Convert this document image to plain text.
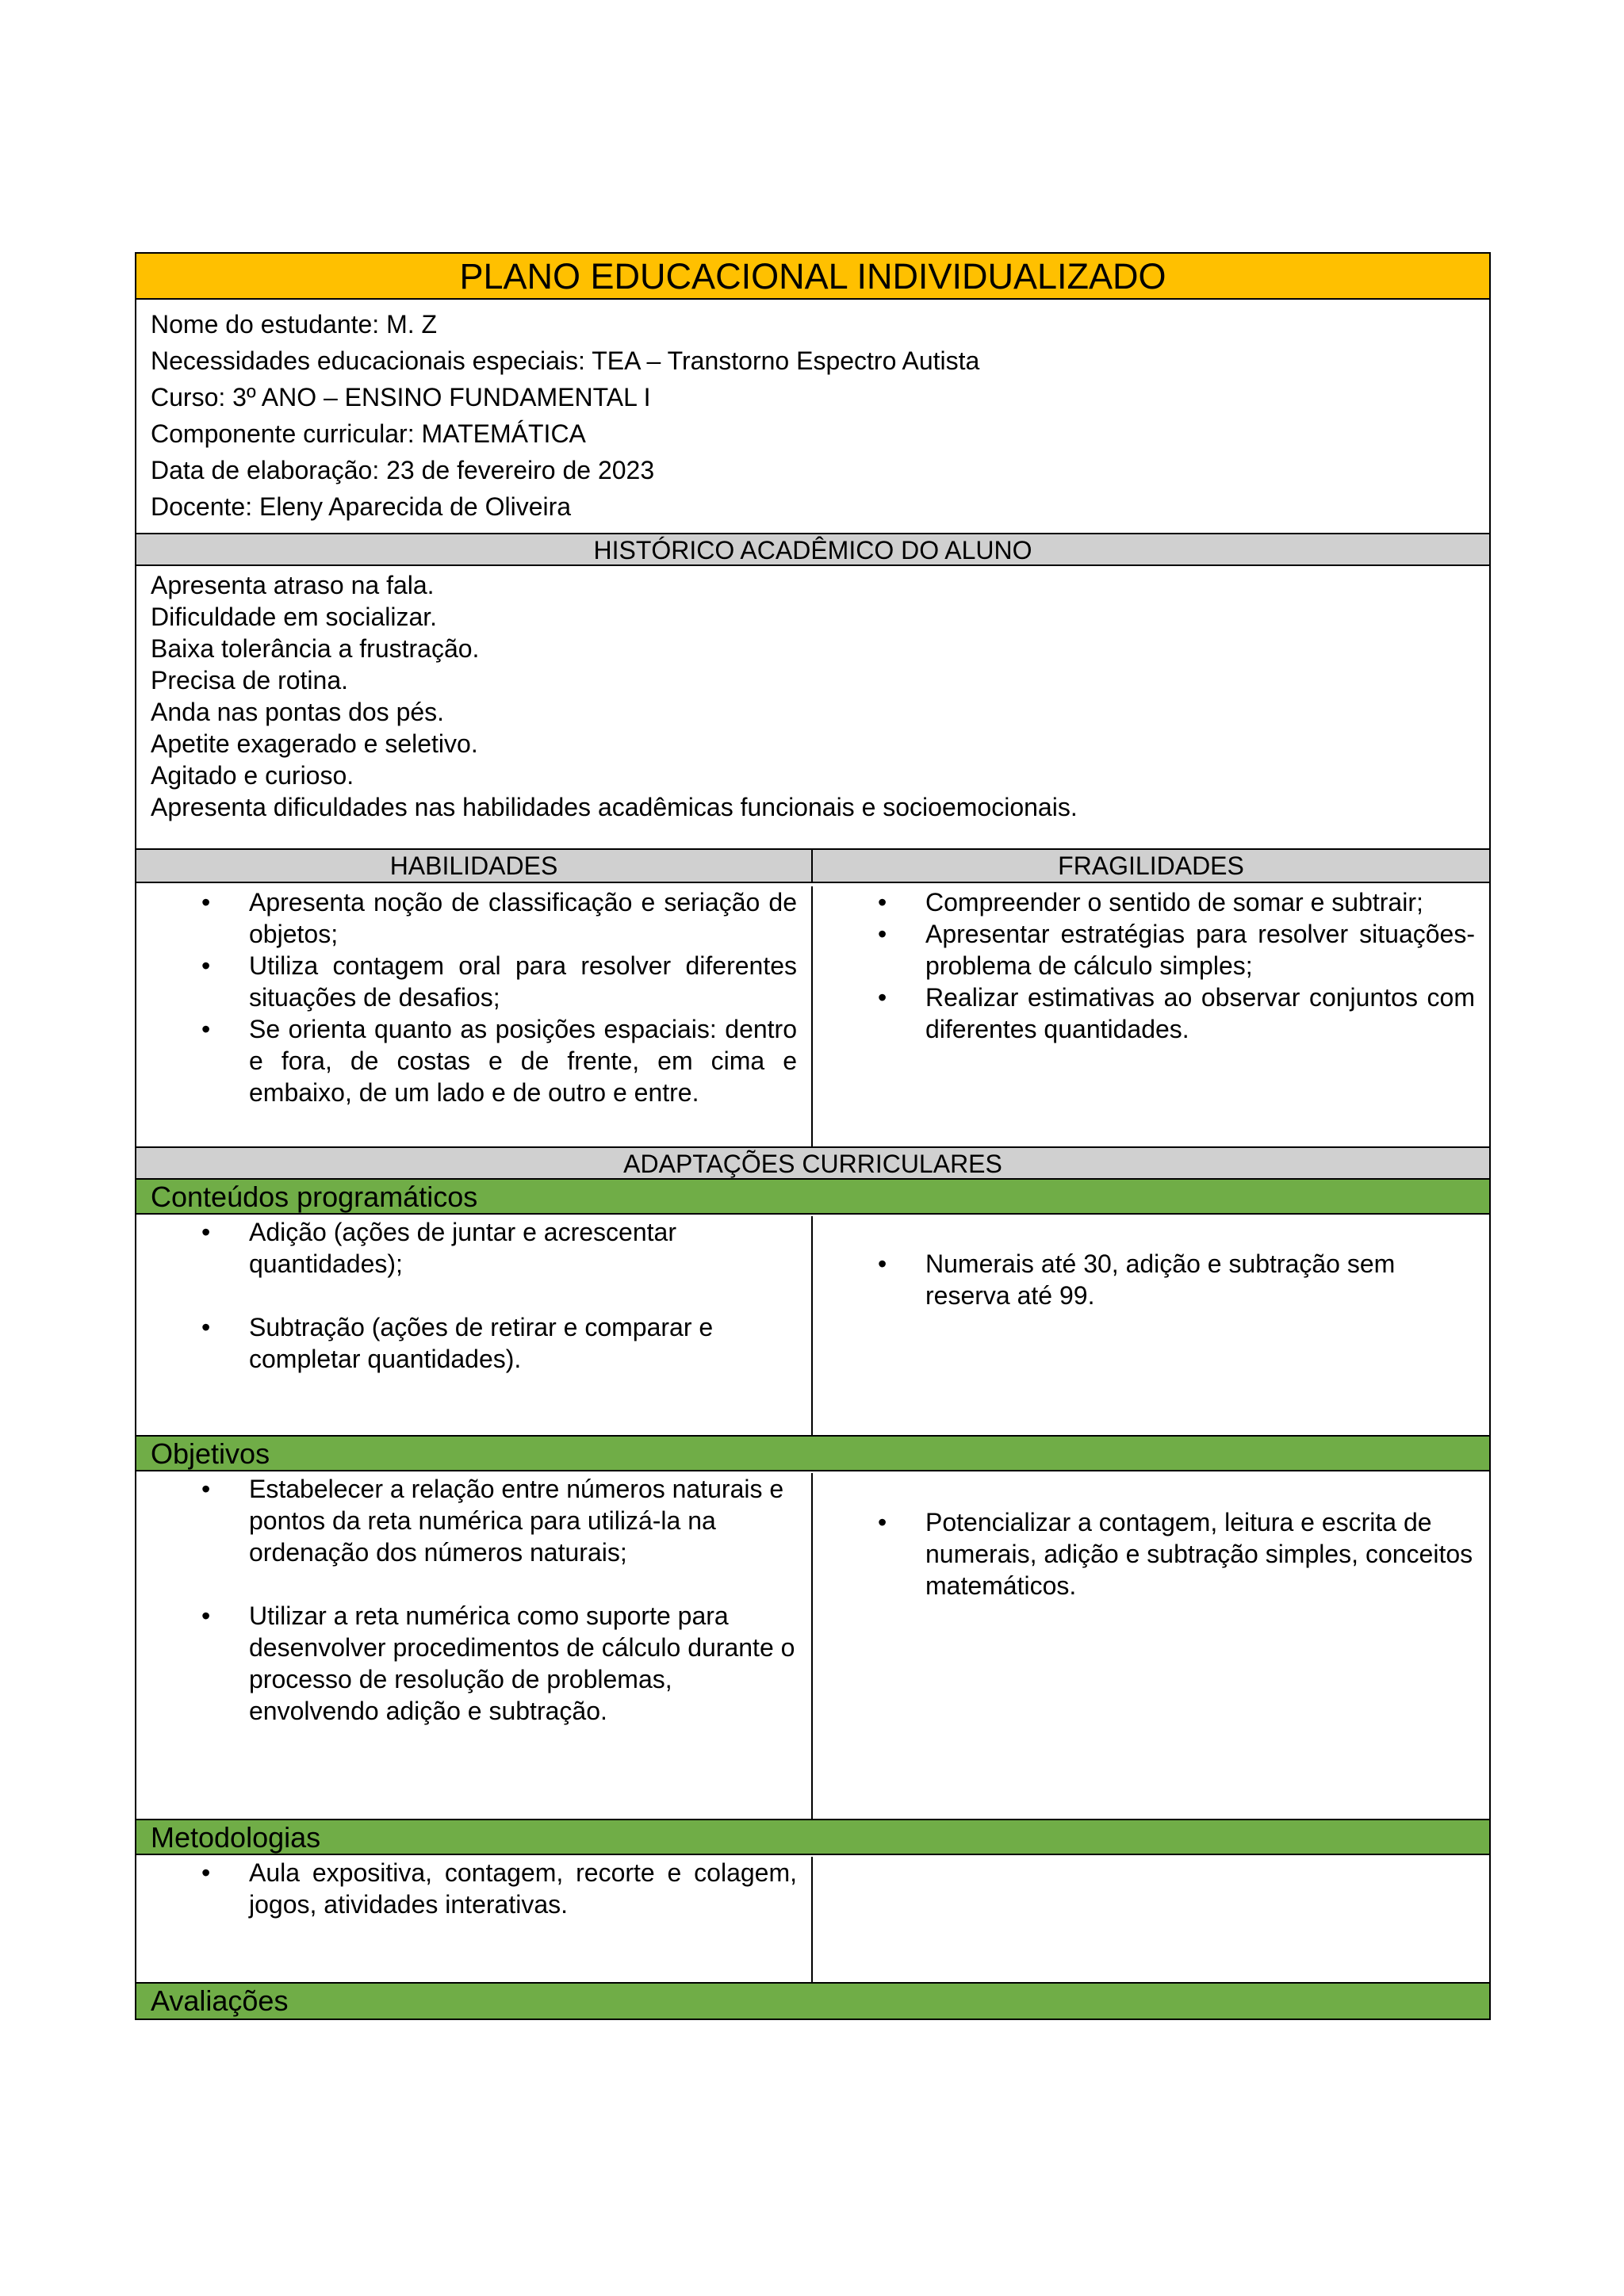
PLANO EDUCACIONAL INDIVIDUALIZADO
Nome do estudante: M. Z
Necessidades educacionais especiais: TEA – Transtorno Espectro Autista
Curso: 3º ANO – ENSINO FUNDAMENTAL I
Componente curricular: MATEMÁTICA
Data de elaboração: 23 de fevereiro de 2023
Docente: Eleny Aparecida de Oliveira
HISTÓRICO ACADÊMICO DO ALUNO
Apresenta atraso na fala.
Dificuldade em socializar.
Baixa tolerância a frustração.
Precisa de rotina.
Anda nas pontas dos pés.
Apetite exagerado e seletivo.
Agitado e curioso.
Apresenta dificuldades nas habilidades acadêmicas funcionais e socioemocionais.
HABILIDADES	FRAGILIDADES
• Apresenta noção de classificação e seriação de objetos;
• Utiliza contagem oral para resolver diferentes situações de desafios;
• Se orienta quanto as posições espaciais: dentro e fora, de costas e de frente, em cima e embaixo, de um lado e de outro e entre.
• Compreender o sentido de somar e subtrair;
• Apresentar estratégias para resolver situações-problema de cálculo simples;
• Realizar estimativas ao observar conjuntos com diferentes quantidades.
ADAPTAÇÕES CURRICULARES
Conteúdos programáticos
• Adição (ações de juntar e acrescentar quantidades);
• Subtração (ações de retirar e comparar e completar quantidades).
• Numerais até 30, adição e subtração sem reserva até 99.
Objetivos
• Estabelecer a relação entre números naturais e pontos da reta numérica para utilizá-la na ordenação dos números naturais;
• Utilizar a reta numérica como suporte para desenvolver procedimentos de cálculo durante o processo de resolução de problemas, envolvendo adição e subtração.
• Potencializar a contagem, leitura e escrita de numerais, adição e subtração simples, conceitos matemáticos.
Metodologias
• Aula expositiva, contagem, recorte e colagem, jogos, atividades interativas.
Avaliações
